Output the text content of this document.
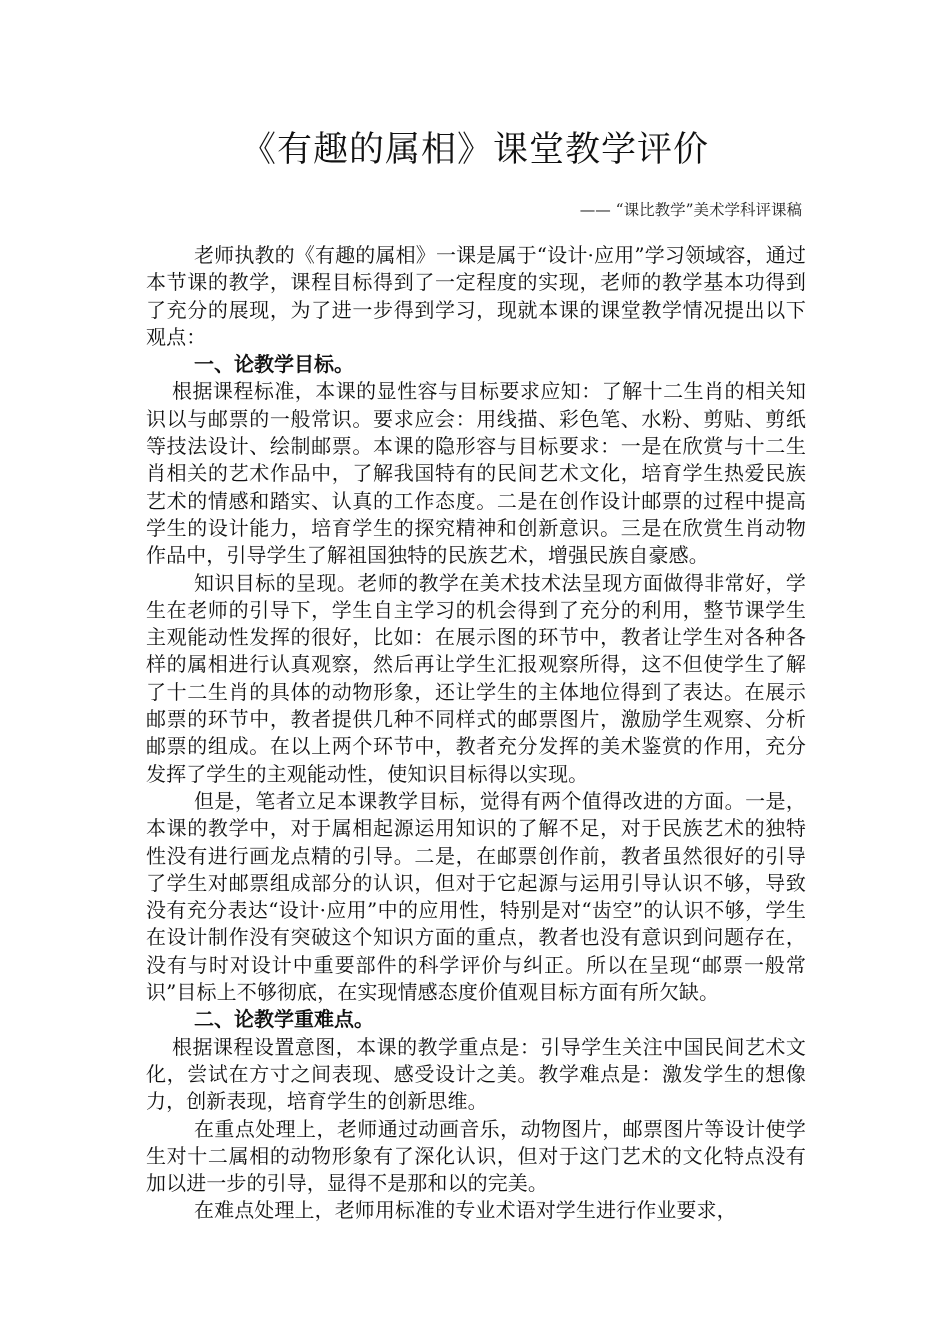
《有趣的属相》课堂教学评价
—— “课比教学”美术学科评课稿

老师执教的《有趣的属相》一课是属于“设计·应用”学习领域容，通过本节课的教学，课程目标得到了一定程度的实现，老师的教学基本功得到了充分的展现，为了进一步得到学习，现就本课的课堂教学情况提出以下观点：

一、论教学目标。

根据课程标准，本课的显性容与目标要求应知：了解十二生肖的相关知识以与邮票的一般常识。要求应会：用线描、彩色笔、水粉、剪贴、剪纸等技法设计、绘制邮票。本课的隐形容与目标要求：一是在欣赏与十二生肖相关的艺术作品中，了解我国特有的民间艺术文化，培育学生热爱民族艺术的情感和踏实、认真的工作态度。二是在创作设计邮票的过程中提高学生的设计能力，培育学生的探究精神和创新意识。三是在欣赏生肖动物作品中，引导学生了解祖国独特的民族艺术，增强民族自豪感。

知识目标的呈现。老师的教学在美术技术法呈现方面做得非常好，学生在老师的引导下，学生自主学习的机会得到了充分的利用，整节课学生主观能动性发挥的很好，比如：在展示图的环节中，教者让学生对各种各样的属相进行认真观察，然后再让学生汇报观察所得，这不但使学生了解了十二生肖的具体的动物形象，还让学生的主体地位得到了表达。在展示邮票的环节中，教者提供几种不同样式的邮票图片，激励学生观察、分析邮票的组成。在以上两个环节中，教者充分发挥的美术鉴赏的作用，充分发挥了学生的主观能动性，使知识目标得以实现。

但是，笔者立足本课教学目标，觉得有两个值得改进的方面。一是，本课的教学中，对于属相起源运用知识的了解不足，对于民族艺术的独特性没有进行画龙点精的引导。二是，在邮票创作前，教者虽然很好的引导了学生对邮票组成部分的认识，但对于它起源与运用引导认识不够，导致没有充分表达“设计·应用”中的应用性，特别是对“齿空”的认识不够，学生在设计制作没有突破这个知识方面的重点，教者也没有意识到问题存在，没有与时对设计中重要部件的科学评价与纠正。所以在呈现“邮票一般常识”目标上不够彻底，在实现情感态度价值观目标方面有所欠缺。

二、论教学重难点。

根据课程设置意图，本课的教学重点是：引导学生关注中国民间艺术文化，尝试在方寸之间表现、感受设计之美。教学难点是：激发学生的想像力，创新表现，培育学生的创新思维。

在重点处理上，老师通过动画音乐，动物图片，邮票图片等设计使学生对十二属相的动物形象有了深化认识，但对于这门艺术的文化特点没有加以进一步的引导，显得不是那和以的完美。

在难点处理上，老师用标准的专业术语对学生进行作业要求，
